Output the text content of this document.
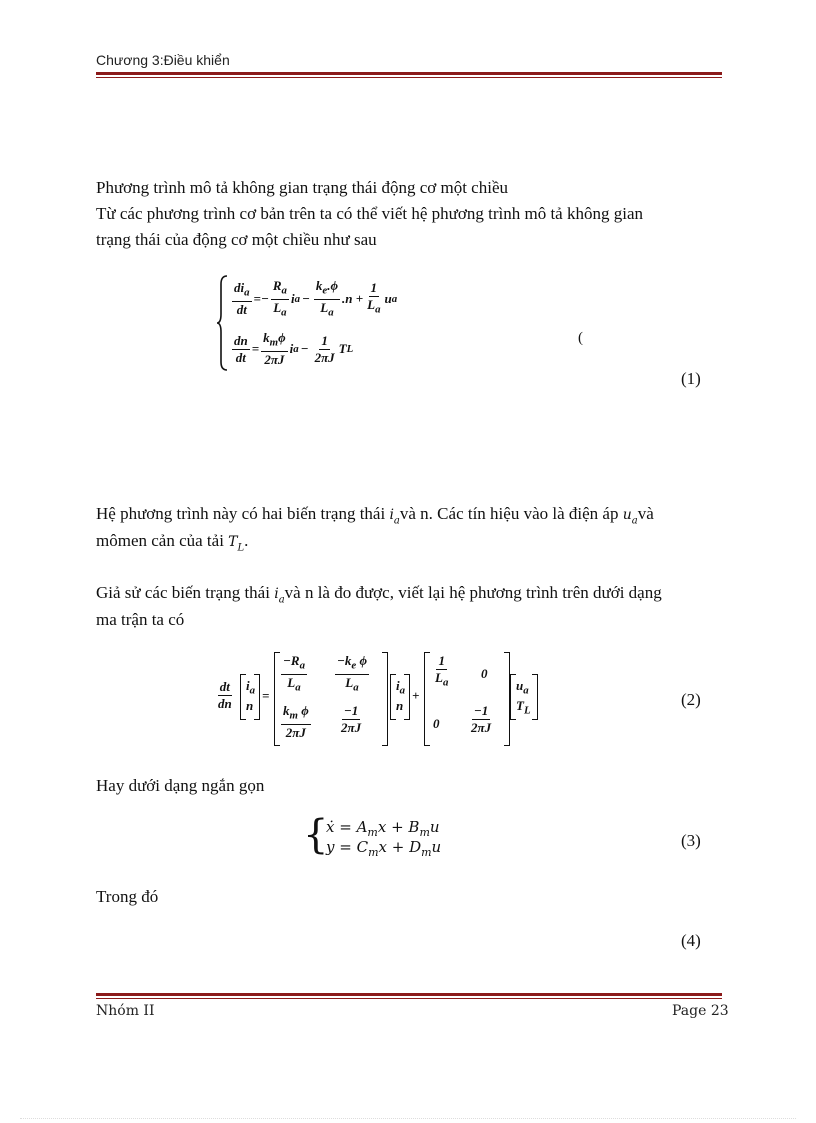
Chương 3:Điều khiển
Phương trình mô tả không gian trạng thái động cơ một chiều
Từ các phương trình cơ bản trên ta có thể viết hệ phương trình mô tả không gian
trạng thái của động cơ một chiều như sau
$\frac{di_a}{dt} =- \frac{R_a}{L_a}$ i $a - \frac{k_e.\phi}{L_a} .n + \frac{1}{L_a}$ u a
$\frac{dn}{dt} = \frac{k_m\phi}{2\pi J}$ i $a - \frac{1}{2\pi J}$ T L
(
(1)
Hệ phương trình này có hai biến trạng thái $i_avà$ n. Các tín hiệu vào là điện áp $u_avà$
mômen cản của tải $T_L$.
Giả sử các biến trạng thái $i_avà$ n là đo được, viết lại hệ phương trình trên dưới dạng
ma trận ta có
$\frac{dt}{dn} i_a$
n
=
$\frac{-R_a}{L_a} \frac{-k_e \phi}{L_a}$
$\frac{k_m \phi}{2\pi J} \frac{-1}{2\pi J}$
$i_a$
n
+
$\frac{1}{L_a} 0$
$0 \frac{-1}{2\pi J}$
$u_a$
$T_L$
(2)
Hay dưới dạng ngắn gọn
{
ẋ = $A_mx + B_mu$
$y = C_mx + D_mu$	(3)
Trong đó
(4)
Nhóm II	Page 23
